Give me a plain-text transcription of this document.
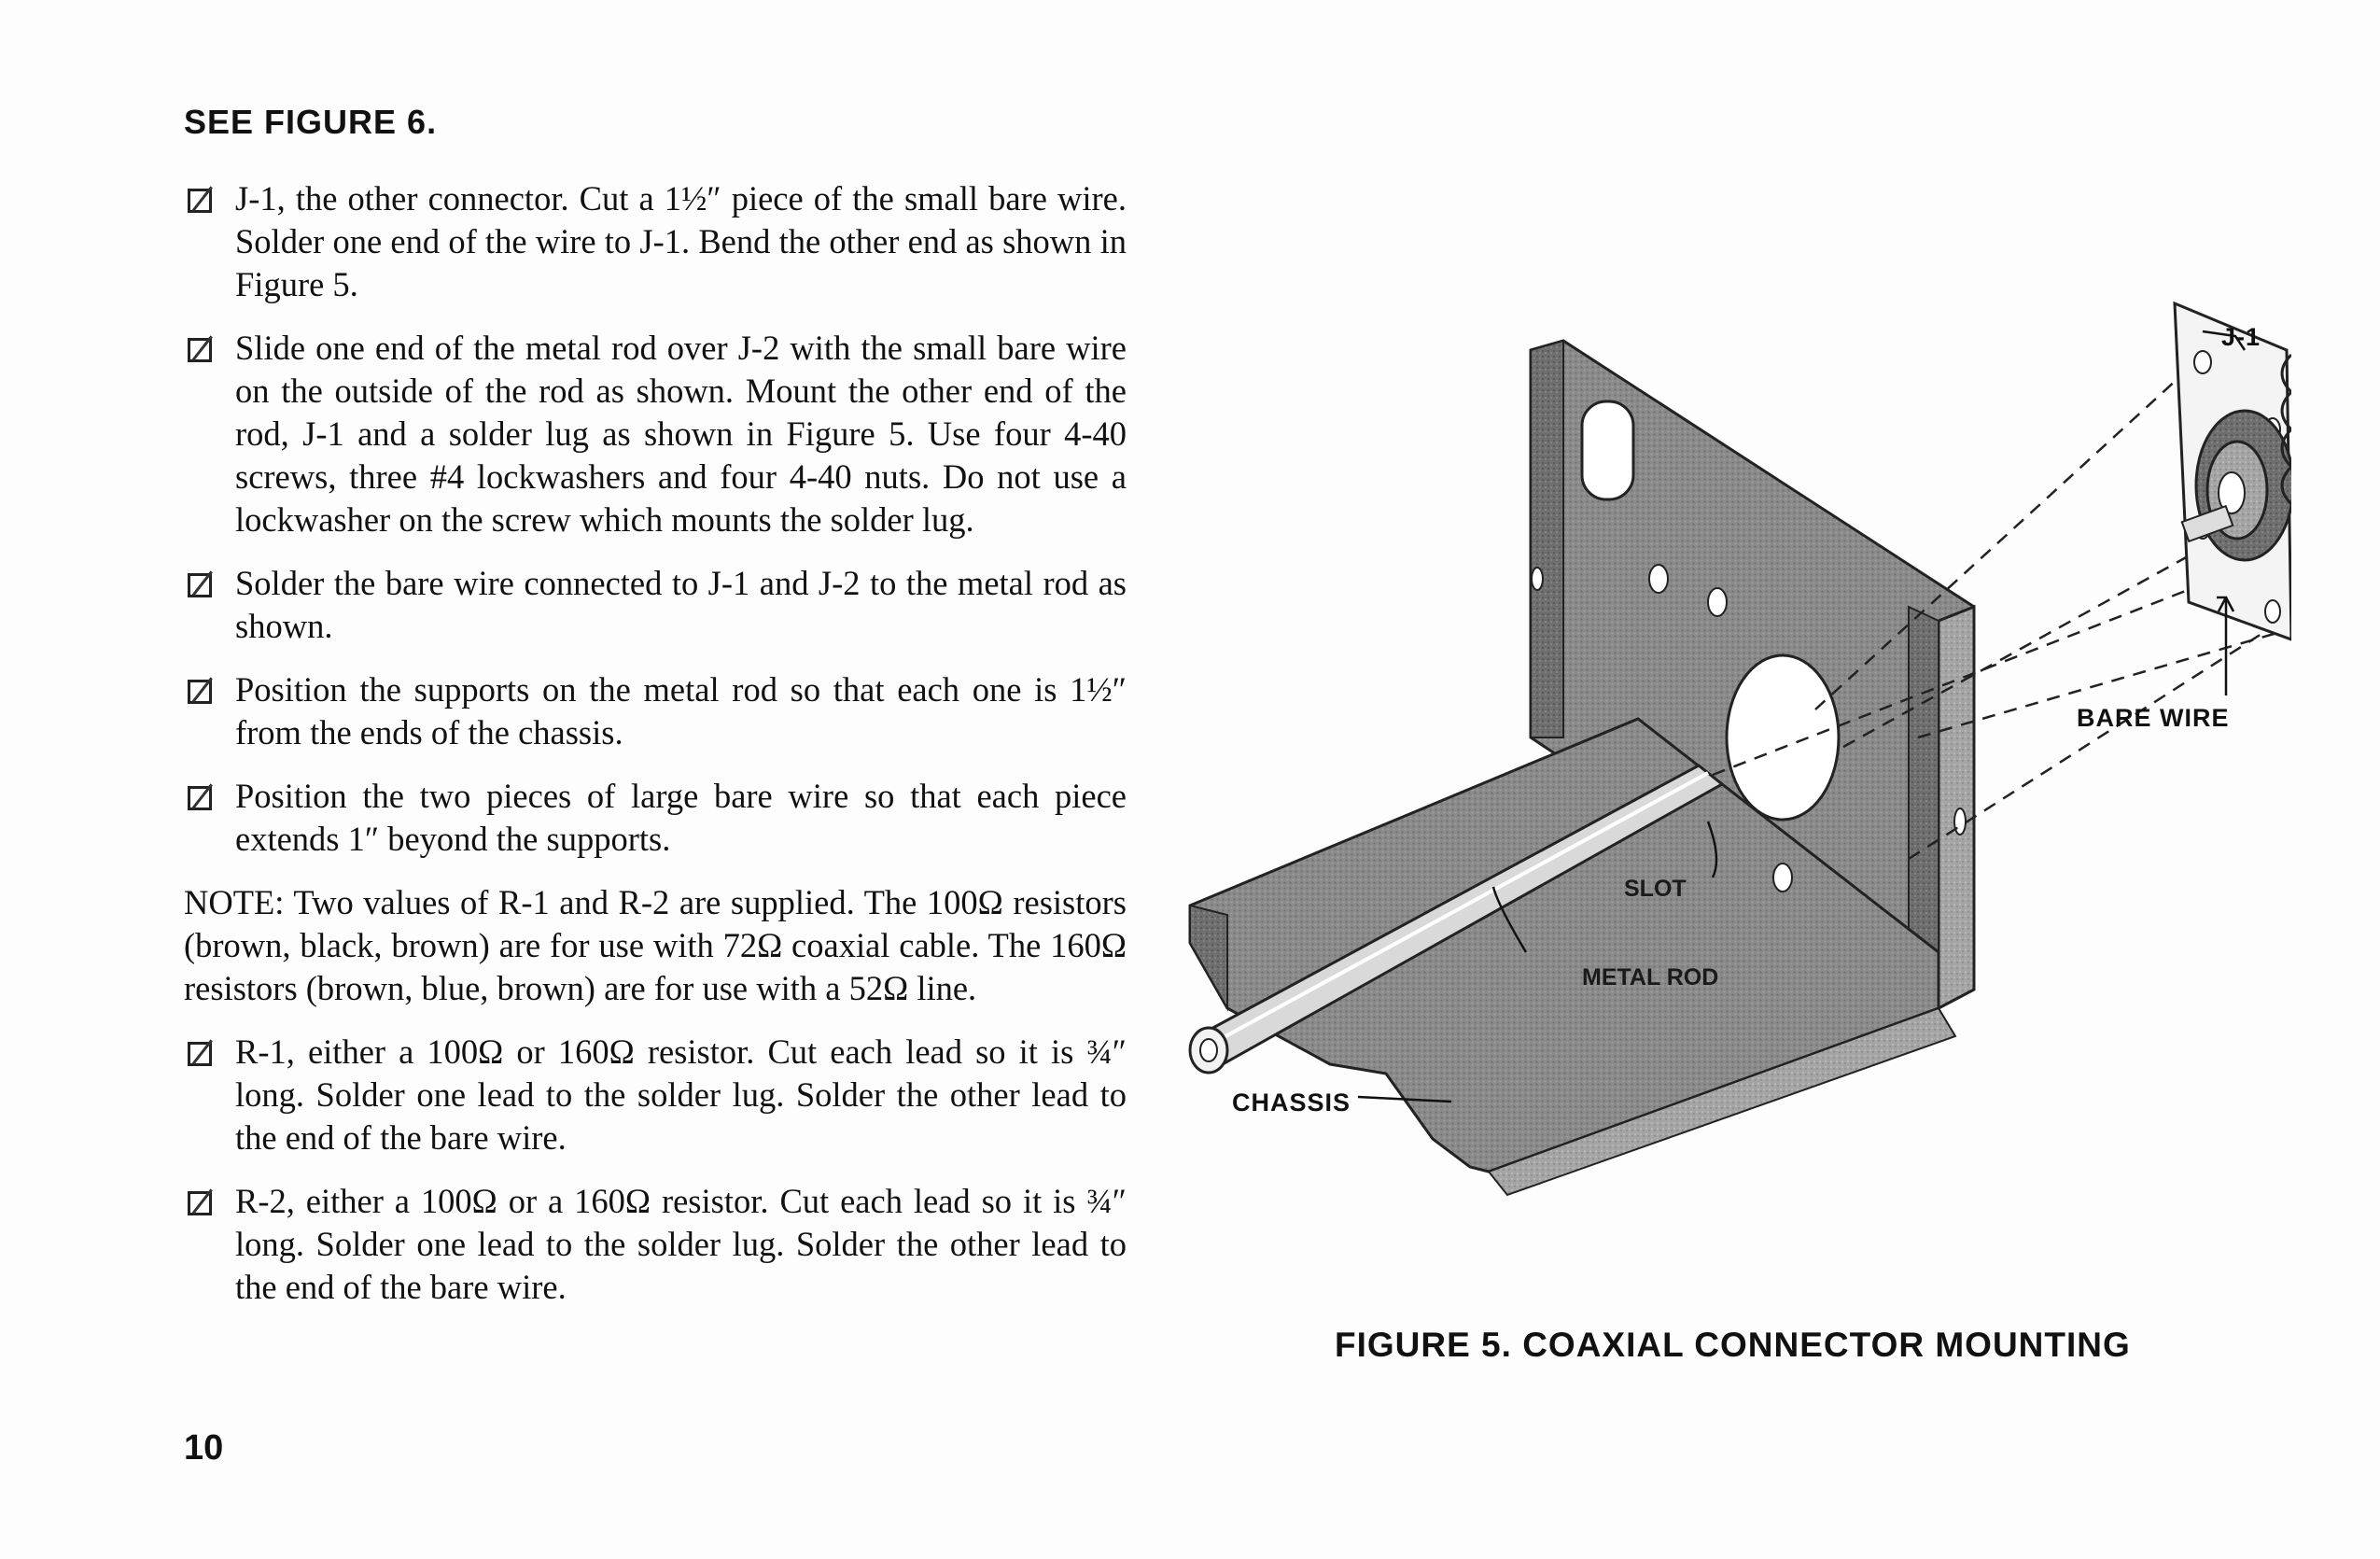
SEE FIGURE 6.
J-1, the other connector. Cut a 1½″ piece of the small bare wire. Solder one end of the wire to J-1. Bend the other end as shown in Figure 5.
Slide one end of the metal rod over J-2 with the small bare wire on the outside of the rod as shown. Mount the other end of the rod, J-1 and a solder lug as shown in Figure 5. Use four 4-40 screws, three #4 lockwashers and four 4-40 nuts. Do not use a lockwasher on the screw which mounts the solder lug.
Solder the bare wire connected to J-1 and J-2 to the metal rod as shown.
Position the supports on the metal rod so that each one is 1½″ from the ends of the chassis.
Position the two pieces of large bare wire so that each piece extends 1″ beyond the supports.
NOTE: Two values of R-1 and R-2 are supplied. The 100Ω resistors (brown, black, brown) are for use with 72Ω coaxial cable. The 160Ω resistors (brown, blue, brown) are for use with a 52Ω line.
R-1, either a 100Ω or 160Ω resistor. Cut each lead so it is ¾″ long. Solder one lead to the solder lug. Solder the other lead to the end of the bare wire.
R-2, either a 100Ω or a 160Ω resistor. Cut each lead so it is ¾″ long. Solder one lead to the solder lug. Solder the other lead to the end of the bare wire.
10
J-1
BARE WIRE
SLOT
METAL ROD
CHASSIS
FIGURE 5. COAXIAL CONNECTOR MOUNTING
